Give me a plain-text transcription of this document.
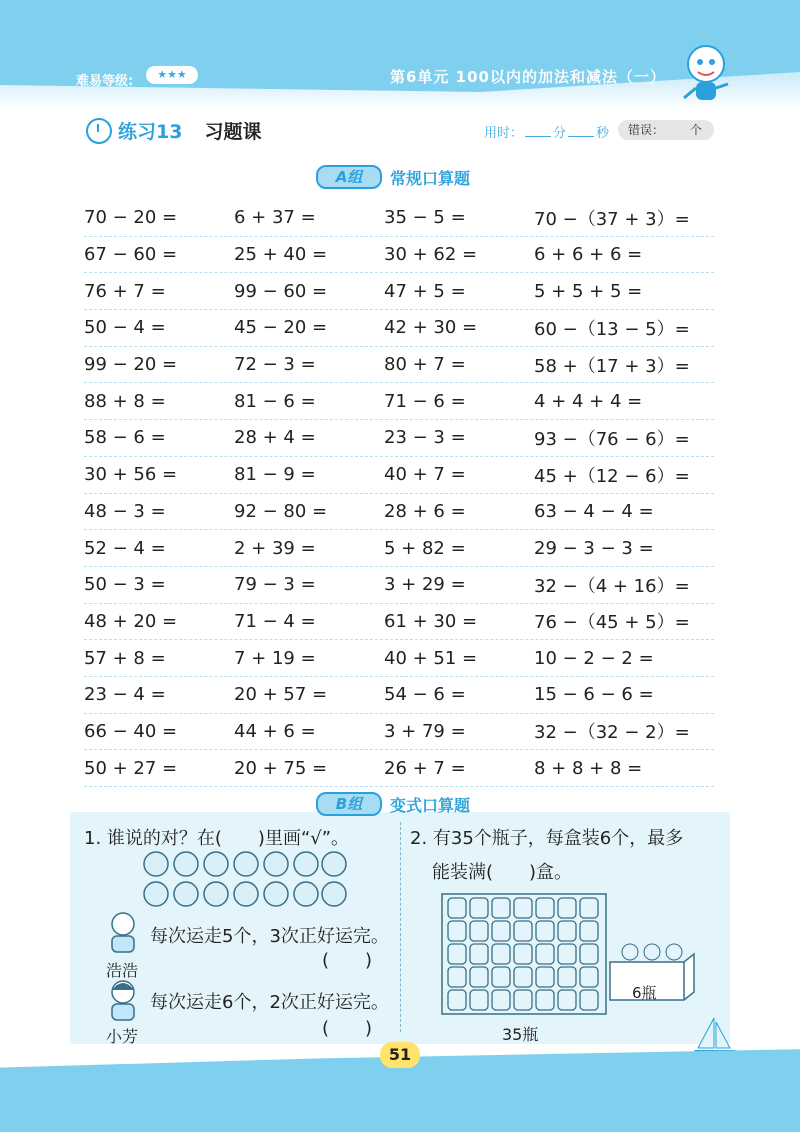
难易等级:	★★★	第6单元 100以内的加法和减法（一）
练习13 习题课	用时： 分 秒 错误： 个
A组	常规口算题
70 − 20 =	6 + 37 =	35 − 5 =	70 −（37 + 3）=
67 − 60 =	25 + 40 =	30 + 62 =	6 + 6 + 6 =
76 + 7 =	99 − 60 =	47 + 5 =	5 + 5 + 5 =
50 − 4 =	45 − 20 =	42 + 30 =	60 −（13 − 5）=
99 − 20 =	72 − 3 =	80 + 7 =	58 +（17 + 3）=
88 + 8 =	81 − 6 =	71 − 6 =	4 + 4 + 4 =
58 − 6 =	28 + 4 =	23 − 3 =	93 −（76 − 6）=
30 + 56 =	81 − 9 =	40 + 7 =	45 +（12 − 6）=
48 − 3 =	92 − 80 =	28 + 6 =	63 − 4 − 4 =
52 − 4 =	2 + 39 =	5 + 82 =	29 − 3 − 3 =
50 − 3 =	79 − 3 =	3 + 29 =	32 −（4 + 16）=
48 + 20 =	71 − 4 =	61 + 30 =	76 −（45 + 5）=
57 + 8 =	7 + 19 =	40 + 51 =	10 − 2 − 2 =
23 − 4 =	20 + 57 =	54 − 6 =	15 − 6 − 6 =
66 − 40 =	44 + 6 =	3 + 79 =	32 −（32 − 2）=
50 + 27 =	20 + 75 =	26 + 7 =	8 + 8 + 8 =
B组	变式口算题
1. 谁说的对？在(　　)里画“√”。
每次运走5个，3次正好运完。
(　　)
浩浩
每次运走6个，2次正好运完。
(　　)
小芳
2. 有35个瓶子，每盒装6个，最多
能装满(　　)盒。
35瓶
6瓶
51
